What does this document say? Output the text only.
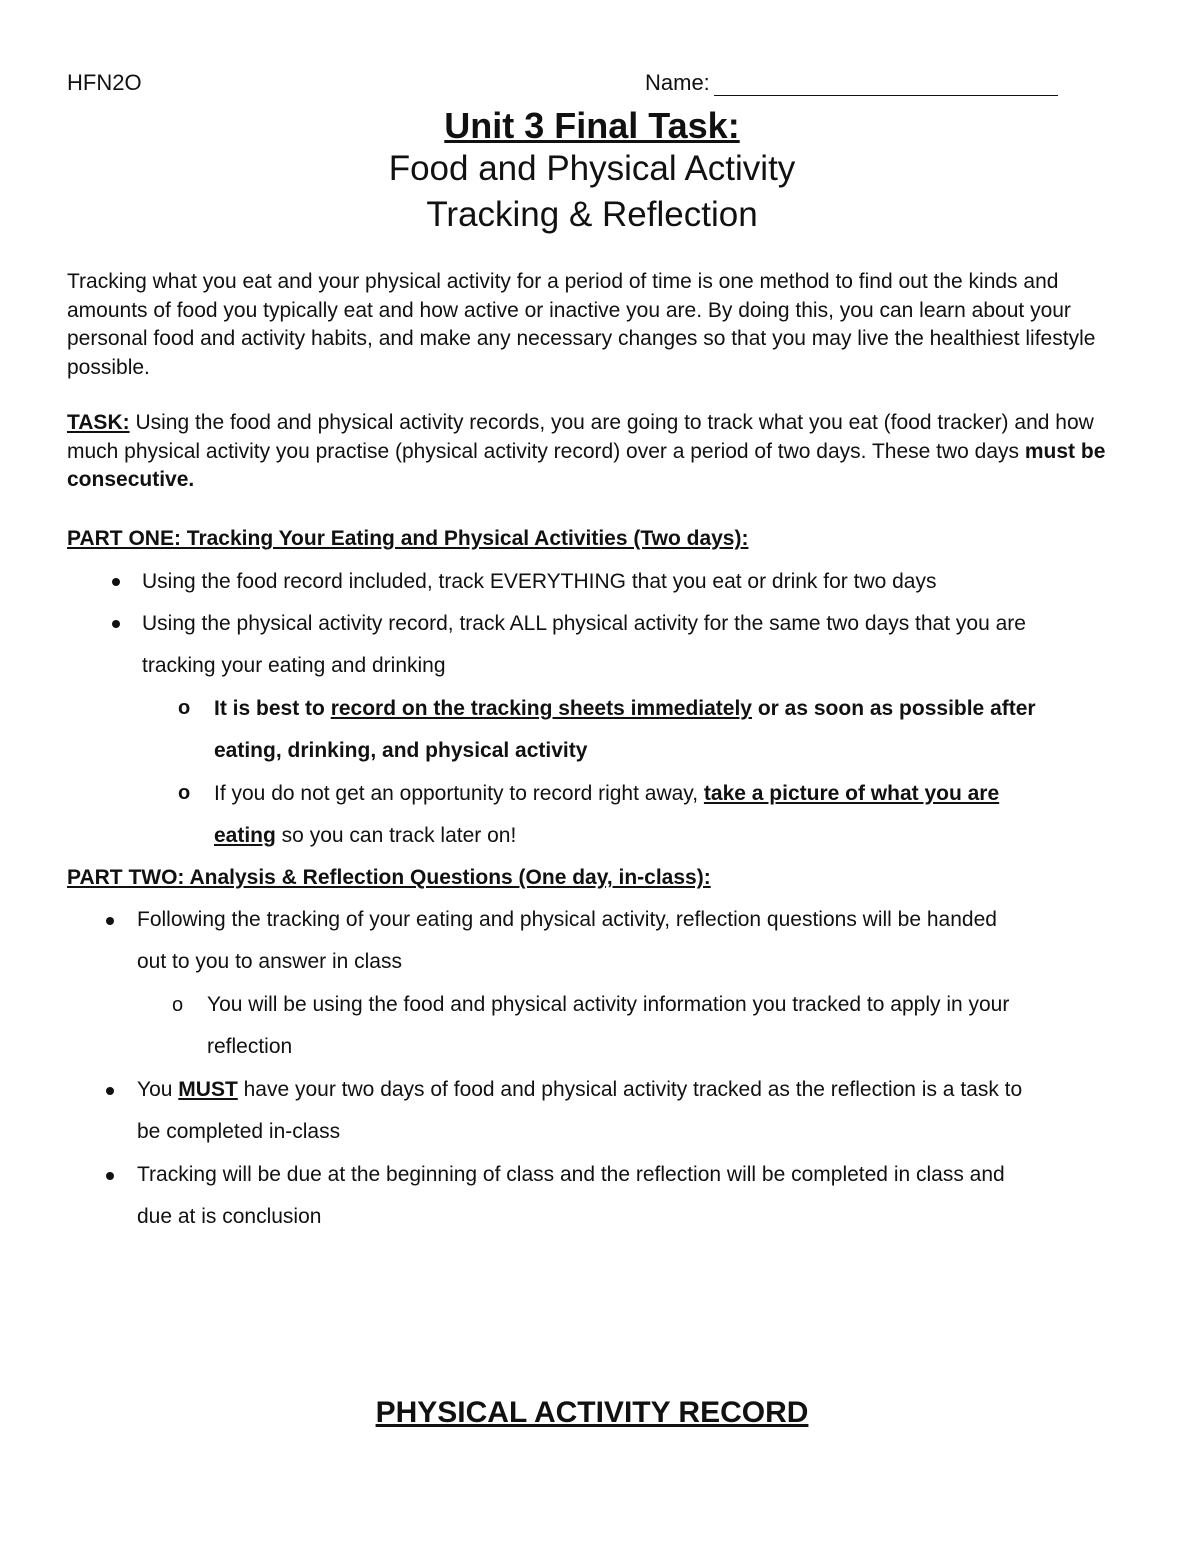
HFN2O	Name:
Unit 3 Final Task:
Food and Physical Activity
Tracking & Reflection
Tracking what you eat and your physical activity for a period of time is one method to find out the kinds and amounts of food you typically eat and how active or inactive you are. By doing this, you can learn about your personal food and activity habits, and make any necessary changes so that you may live the healthiest lifestyle possible.
TASK: Using the food and physical activity records, you are going to track what you eat (food tracker) and how much physical activity you practise (physical activity record) over a period of two days. These two days must be consecutive.
PART ONE: Tracking Your Eating and Physical Activities (Two days):
Using the food record included, track EVERYTHING that you eat or drink for two days
Using the physical activity record, track ALL physical activity for the same two days that you are
tracking your eating and drinking
o It is best to record on the tracking sheets immediately or as soon as possible after
eating, drinking, and physical activity
o If you do not get an opportunity to record right away, take a picture of what you are
eating so you can track later on!
PART TWO: Analysis & Reflection Questions (One day, in-class):
Following the tracking of your eating and physical activity, reflection questions will be handed
out to you to answer in class
o You will be using the food and physical activity information you tracked to apply in your
reflection
You MUST have your two days of food and physical activity tracked as the reflection is a task to
be completed in-class
Tracking will be due at the beginning of class and the reflection will be completed in class and
due at is conclusion
PHYSICAL ACTIVITY RECORD
